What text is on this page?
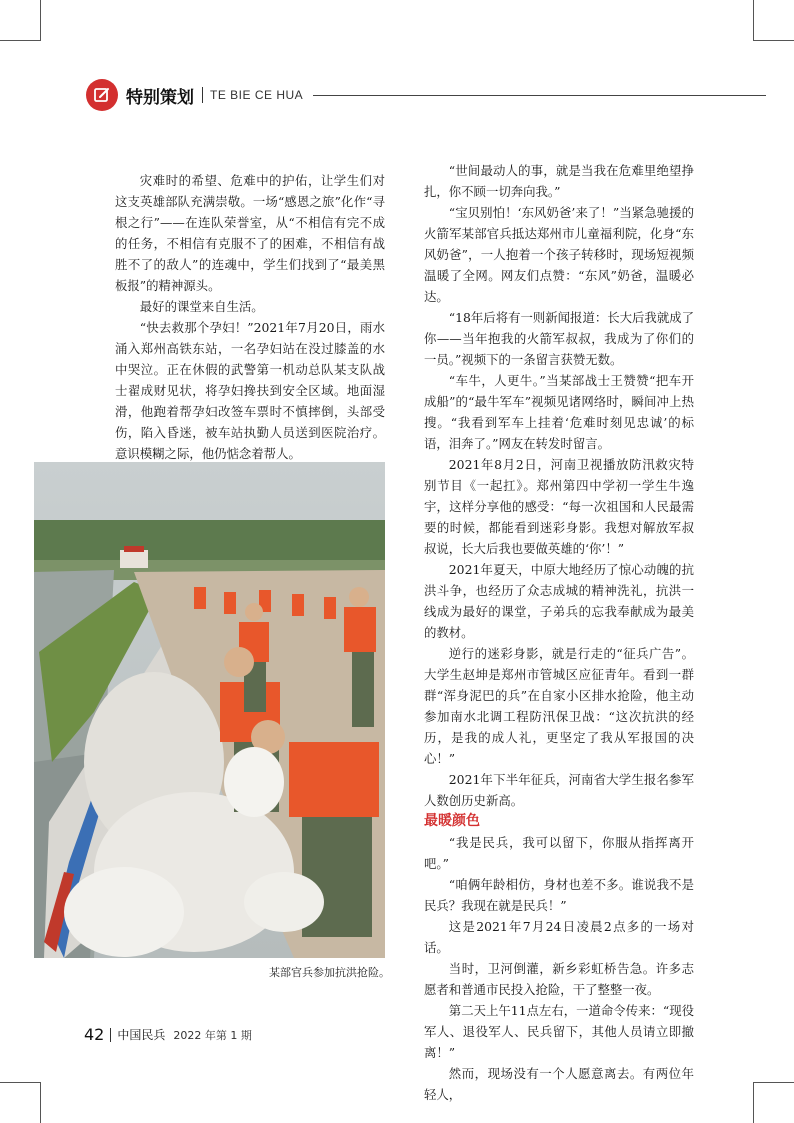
特别策划 TE BIE CE HUA

灾难时的希望、危难中的护佑，让学生们对这支英雄部队充满崇敬。一场“感恩之旅”化作“寻根之行”——在连队荣誉室，从“不相信有完不成的任务，不相信有克服不了的困难，不相信有战胜不了的敌人”的连魂中，学生们找到了“最美黑板报”的精神源头。

最好的课堂来自生活。

“快去救那个孕妇！”2021年7月20日，雨水涌入郑州高铁东站，一名孕妇站在没过膝盖的水中哭泣。正在休假的武警第一机动总队某支队战士翟成财见状，将孕妇搀扶到安全区域。地面湿滑，他跑着帮孕妇改签车票时不慎摔倒，头部受伤，陷入昏迷，被车站执勤人员送到医院治疗。意识模糊之际，他仍惦念着帮人。

某部官兵参加抗洪抢险。

“世间最动人的事，就是当我在危难里绝望挣扎，你不顾一切奔向我。”

“宝贝别怕！‘东风奶爸’来了！”当紧急驰援的火箭军某部官兵抵达郑州市儿童福利院，化身“东风奶爸”，一人抱着一个孩子转移时，现场短视频温暖了全网。网友们点赞：“东风”奶爸，温暖必达。

“18年后将有一则新闻报道：长大后我就成了你——当年抱我的火箭军叔叔，我成为了你们的一员。”视频下的一条留言获赞无数。

“车牛，人更牛。”当某部战士王赞赞“把车开成船”的“最牛军车”视频见诸网络时，瞬间冲上热搜。“我看到军车上挂着‘危难时刻见忠诚’的标语，泪奔了。”网友在转发时留言。

2021年8月2日，河南卫视播放防汛救灾特别节目《一起扛》。郑州第四中学初一学生牛逸宇，这样分享他的感受：“每一次祖国和人民最需要的时候，都能看到迷彩身影。我想对解放军叔叔说，长大后我也要做英雄的‘你’！”

2021年夏天，中原大地经历了惊心动魄的抗洪斗争，也经历了众志成城的精神洗礼，抗洪一线成为最好的课堂，子弟兵的忘我奉献成为最美的教材。

逆行的迷彩身影，就是行走的“征兵广告”。大学生赵坤是郑州市管城区应征青年。看到一群群“浑身泥巴的兵”在自家小区排水抢险，他主动参加南水北调工程防汛保卫战：“这次抗洪的经历，是我的成人礼，更坚定了我从军报国的决心！”

2021年下半年征兵，河南省大学生报名参军人数创历史新高。

最暖颜色

“我是民兵，我可以留下，你服从指挥离开吧。”

“咱俩年龄相仿，身材也差不多。谁说我不是民兵？我现在就是民兵！”

这是2021年7月24日凌晨2点多的一场对话。

当时，卫河倒灌，新乡彩虹桥告急。许多志愿者和普通市民投入抢险，干了整整一夜。

第二天上午11点左右，一道命令传来：“现役军人、退役军人、民兵留下，其他人员请立即撤离！”

然而，现场没有一个人愿意离去。有两位年轻人，

42 中国民兵 2022 年第 1 期
